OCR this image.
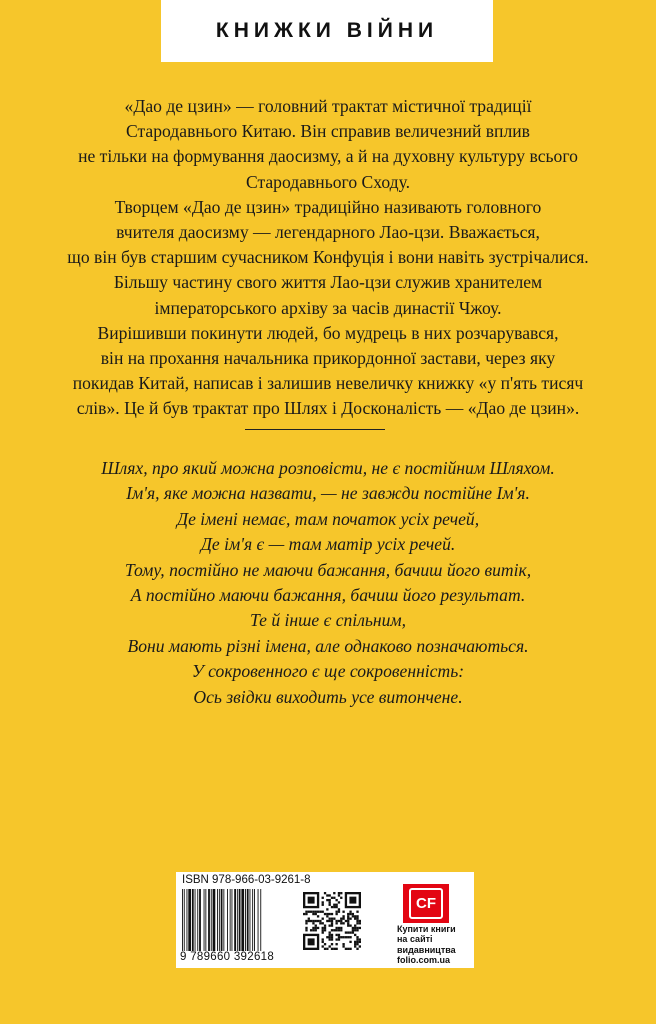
КНИЖКИ ВІЙНИ

«Дао де цзин» — головний трактат містичної традиції

Стародавнього Китаю. Він справив величезний вплив

не тільки на формування даосизму, а й на духовну культуру всього

Стародавнього Сходу.

Творцем «Дао де цзин» традиційно називають головного

вчителя даосизму — легендарного Лао-цзи. Вважається,

що він був старшим сучасником Конфуція і вони навіть зустрічалися.

Більшу частину свого життя Лао-цзи служив хранителем

імператорського архіву за часів династії Чжоу.

Вирішивши покинути людей, бо мудрець в них розчарувався,

він на прохання начальника прикордонної застави, через яку

покидав Китай, написав і залишив невеличку книжку «у п'ять тисяч

слів». Це й був трактат про Шлях і Досконалість — «Дао де цзин».

Шлях, про який можна розповісти, не є постійним Шляхом.
Ім'я, яке можна назвати, — не завжди постійне Ім'я.
Де імені немає, там початок усіх речей,
Де ім'я є — там матір усіх речей.
Тому, постійно не маючи бажання, бачиш його витік,
А постійно маючи бажання, бачиш його результат.
Те й інше є спільним,
Вони мають різні імена, але однаково позначаються.
У сокровенного є ще сокровенність:
Ось звідки виходить усе витончене.
ISBN 978-966-03-9261-8
9 789660 392618
CF
Купити книги
на сайті
видавництва
folio.com.ua
